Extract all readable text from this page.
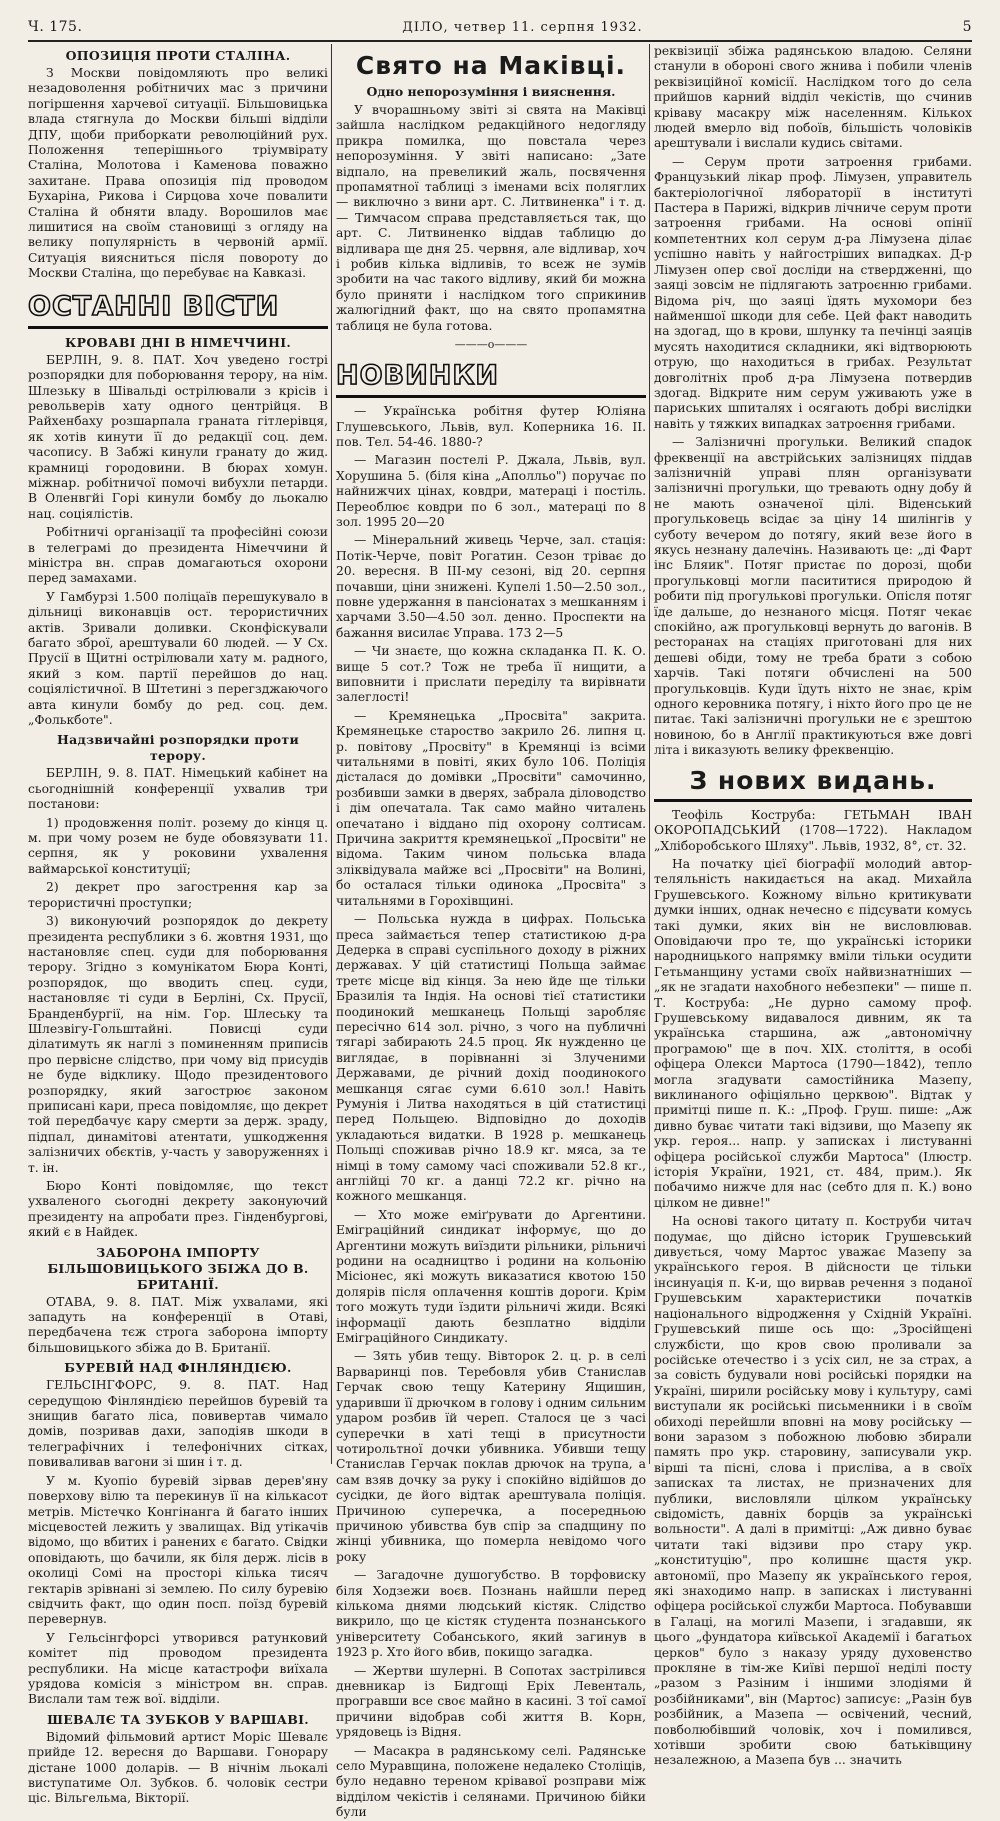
Ч. 175.	ДІЛО, четвер 11. серпня 1932.	5
ОПОЗИЦІЯ ПРОТИ СТАЛІНА.

З Москви повідомляють про великі незадоволення робітничих мас з причини погіршення харчевої ситуації. Більшовицька влада стягнула до Москви більші відділи ДПУ, щоби приборкати революційний рух. Положення теперішнього тріумвірату Сталіна, Молотова і Каменова поважно захитане. Права опозиція під проводом Бухаріна, Рикова і Сирцова хоче повалити Сталіна й обняти владу. Ворошилов має лишитися на своїм становищі з огляду на велику популярність в червоній армії. Ситуація виясниться після повороту до Москви Сталіна, що перебуває на Кавказі.

ОСТАННІ ВІСТИ
КРОВАВІ ДНІ В НІМЕЧЧИНІ.

БЕРЛІН, 9. 8. ПАТ. Хоч уведено гострі розпорядки для поборювання терору, на нім. Шлезьку в Шівальді острілювали з крісів і револьверів хату одного центрійця. В Райхенбаху розшарпала граната гітлерівця, як хотів кинути її до редакції соц. дем. часопису. В Забжі кинули гранату до жид. крамниці городовини. В бюрах хомун. міжнар. робітничої помочі вибухли петарди. В Оленвгйі Горі кинули бомбу до льокалю нац. соціялістів.

Робітничі організації та професійні союзи в телеграмі до президента Німеччини й міністра вн. справ домагаються охорони перед замахами.

У Гамбурзі 1.500 поліцаїв перешукувало в дільниці виконавців ост. терористичних актів. Зривали доливки. Сконфіскували багато зброї, арештували 60 людей. — У Сх. Прусії в Щитні острілювали хату м. радного, який з ком. партії перейшов до нац. соціялістичної. В Штетині з перегзджаючого авта кинули бомбу до ред. соц. дем. „Фолькботе".

Надзвичайні розпорядки проти терору.

БЕРЛІН, 9. 8. ПАТ. Німецький кабінет на сьогоднішній конференції ухвалив три постанови:

1) продовження політ. розему до кінця ц. м. при чому розем не буде обовязувати 11. серпня, як у роковини ухвалення ваймарської конституції;

2) декрет про загострення кар за терористичні проступки;

3) виконуючий розпорядок до декрету президента республики з 6. жовтня 1931, що настановляє спец. суди для поборювання терору. Згідно з комунікатом Бюра Конті, розпорядок, що вводить спец. суди, настановляє ті суди в Берліні, Сх. Прусії, Бранденбургії, на нім. Гор. Шлеську та Шлезвігу-Гольштайні. Повисці суди ділатимуть як наглі з поминенням приписів про первісне слідство, при чому від присудів не буде відклику. Щодо президентового розпорядку, який загострює законом приписані кари, преса повідомляє, що декрет той передбачує кару смерти за держ. зраду, підпал, динамітові атентати, ушкодження залізничих обєктів, у-часть у заворуженнях і т. ін.

Бюро Конті повідомляє, що текст ухваленого сьогодні декрету законуючий президенту на апробати през. Гінденбургові, який є в Найдек.

ЗАБОРОНА ІМПОРТУ БІЛЬШОВИЦЬКОГО ЗБІЖА ДО В. БРИТАНІЇ.

ОТАВА, 9. 8. ПАТ. Між ухвалами, які западуть на конференції в Отаві, передбачена тєж строга заборона імпорту більшовицького збіжа до В. Британії.

БУРЕВІЙ НАД ФІНЛЯНДІЄЮ.

ГЕЛЬСІНГФОРС, 9. 8. ПАТ. Над середущою Фінляндією перейшов буревій та знищив багато ліса, повивертав чимало домів, позривав дахи, заподіяв шкоди в телеграфічних і телефонічних сітках, повиваливав вагони зі шин і т. д.

У м. Куопіо буревій зірвав дерев'яну поверхову вілю та перекинув її на кількасот метрів. Містечко Конгінанга й багато інших місцевостей лежить у звалищах. Від утікачів відомо, що вбитих і ранених є багато. Свідки оповідають, що бачили, як біля держ. лісів в околиці Сомі на просторі кілька тисяч гектарів зрівнані зі землею. По силу буревію свідчить факт, що один посп. поїзд буревій перевернув.

У Гельсінгфорсі утворився ратунковий комітет під проводом президента республики. На місце катастрофи виїхала урядова комісія з міністром вн. справ. Вислали там теж вої. відділи.

ШЕВАЛЄ ТА ЗУБКОВ У ВАРШАВІ.

Відомий фільмовий артист Моріс Шевалє прийде 12. вересня до Варшави. Гонорару дістане 1000 доларів. — В нічнім льокалі виступатиме Ол. Зубков. б. чоловік сестри ціс. Вільгельма, Вікторії.

Свято на Маківці.
Одно непорозуміння і вияснення.

У вчорашньому звіті зі свята на Маківці зайшла наслідком редакційного недогляду прикра помилка, що повстала через непорозуміння. У звіті написано: „Зате відпало, на превеликий жаль, посвячення пропамятної таблиці з іменами всіх поляглих — виключно з вини арт. С. Литвиненка" і т. д. — Тимчасом справа представляється так, що арт. С. Литвиненко віддав таблицю до відливара ще дня 25. червня, але відливар, хоч і робив кілька відливів, то всеж не зумів зробити на час такого відливу, який би можна було приняти і наслідком того сприкинив жалюгідний факт, що на свято пропамятна таблиця не була готова.

———o———
НОВИНКИ

— Українська робітня футер Юліяна Глушевського, Львів, вул. Коперника 16. II. пов. Тел. 54-46. 1880-?

— Магазин постелі Р. Джала, Львів, вул. Хорушина 5. (біля кіна „Аполльо") поручає по найнижчих цінах, ковдри, матераці і постіль. Переоблює ковдри по 6 зол., матераці по 8 зол. 1995 20—20

— Мінеральний живець Черче, зал. стація: Потік-Черче, повіт Рогатин. Сезон тріває до 20. вересня. В III-му сезоні, від 20. серпня почавши, ціни знижені. Купелі 1.50—2.50 зол., повне удержання в пансіонатах з мешканням і харчами 3.50—4.50 зол. денно. Проспекти на бажання висилає Управа. 173 2—5

— Чи знаєте, що кожна складанка П. К. О. вище 5 сот.? Тож не треба її нищити, а виповнити і прислати переділу та вирівнати залеглості!

— Кремянецька „Просвіта" закрита. Кремянецьке староство закрило 26. липня ц. р. повітову „Просвіту" в Кремянці із всіми читальнями в повіті, яких було 106. Поліція дісталася до домівки „Просвіти" самочинно, розбивши замки в дверях, забрала діловодство і дім опечатала. Так само майно читалень опечатано і віддано під охорону солтисам. Причина закриття кремянецької „Просвіти" не відома. Таким чином польська влада зліквідувала майже всі „Просвіти" на Волині, бо осталася тільки одинока „Просвіта" з читальнями в Горохівщині.

— Польська нужда в цифрах. Польська преса займається тепер статистикою д-ра Дедерка в справі суспільного доходу в ріжних державах. У цій статистиці Польща займає третє місце від кінця. За нею йде ще тільки Бразилія та Індія. На основі тієї статистики поодинокий мешканець Польщі заробляє пересічно 614 зол. річно, з чого на публичні тягарі забирають 24.5 проц. Як нужденно це виглядає, в порівнанні зі Злученими Державами, де річний дохід поодинокого мешканця сягає суми 6.610 зол.! Навіть Румунія і Литва находяться в цій статистиці перед Польщею. Відповідно до доходів укладаються видатки. В 1928 р. мешканець Польщі споживав річно 18.9 кг. мяса, за те німці в тому самому часі споживали 52.8 кг., англійці 70 кг. а данці 72.2 кг. річно на кожного мешканця.

— Хто може еміґрувати до Аргентини. Еміграційний синдикат інформує, що до Аргентини можуть виїздити рільники, рільничі родини на осадництво і родини на кольонію Місіонес, які можуть виказатися квотою 150 долярів після оплачення коштів дороги. Крім того можуть туди їздити рільничі жиди. Всякі інформації дають безплатно відділи Еміграційного Синдикату.

— Зять убив тещу. Вівторок 2. ц. р. в селі Варваринці пов. Теребовля убив Станислав Герчак свою тещу Катерину Ящишин, ударивши її дрючком в голову і одним сильним ударом розбив їй череп. Сталося це з часі суперечки в хаті тещі в присутности чотирольтної дочки убивника. Убивши тещу Станислав Герчак поклав дрючок на трупа, а сам взяв дочку за руку і спокійно відійшов до сусідки, де його відтак арештувала поліція. Причиною суперечка, а посередньою причиною убивства був спір за спадщину по жінці убивника, що померла невідомо чого року

— Загадочне душогубство. В торфовиску біля Ходзежи воєв. Познань найшли перед кількома днями людський кістяк. Слідство викрило, що це кістяк студента познанського університету Собанського, який загинув в 1923 р. Хто його вбив, покищо загадка.

— Жертви шулерні. В Сопотах застрілився дневникар із Бидгощі Еріх Левенталь, програвши все своє майно в касині. З тої самої причини відобрав собі життя В. Корн, урядовець із Відня.

— Масакра в радянському селі. Радянське село Муравщина, положене недалеко Століців, було недавно тереном крівавої розправи між відділом чекістів і селянами. Причиною бійки були

реквізиції збіжа радянською владою. Селяни станули в обороні свого жнива і побили членів реквізиційної комісії. Наслідком того до села прийшов карний відділ чекістів, що счинив кріваву масакру між населенням. Кількох людей вмерло від побоїв, більшість чоловіків арештували і вислали кудись світами.

— Серум проти затроення грибами. Французький лікар проф. Лімузен, управитель бактеріологічної лябораторії в інституті Пастера в Парижі, відкрив лічниче серум проти затроення грибами. На основі опінії компетентних кол серум д-ра Лімузена ділає успішно навіть у найгостріших випадках. Д-р Лімузен опер свої досліди на ствердженні, що заяці зовсім не підлягають затроєнню грибами. Відома річ, що заяці їдять мухомори без найменшої шкоди для себе. Цей факт наводить на здогад, що в крови, шлунку та печінці заяців мусять находитися складники, які відтворюють отрую, що находиться в грибах. Результат довголітніх проб д-ра Лімузена потвердив здогад. Відкрите ним серум уживають уже в париських шпиталях і осягають добрі вислідки навіть у тяжких випадках затроєння грибами.

— Залізничні прогульки. Великий спадок фреквенції на австрійських залізницях піддав залізничній управі плян організувати залізничні прогульки, що тревають одну добу й не мають означеної цілі. Віденський прогульковець всідає за ціну 14 шилінгів у суботу вечером до потягу, який везе його в якусь незнану далечінь. Називають це: „ді Фарт інс Бляик". Потяг пристає по дорозі, щоби прогульковці могли пасититися природою й робити під прогулькові прогульки. Опісля потяг їде дальше, до незнаного місця. Потяг чекає спокійно, аж прогульковці вернуть до вагонів. В ресторанах на стаціях приготовані для них дешеві обіди, тому не треба брати з собою харчів. Такі потяги обчислені на 500 прогульковців. Куди їдуть ніхто не знає, крім одного керовника потягу, і ніхто його про це не питає. Такі залізничні прогульки не є зрештою новиною, бо в Англії практикуються вже довгі літа і виказують велику фреквенцію.

З нових видань.

Теофіль Коструба: ГЕТЬМАН ІВАН ОКОРОПАДСЬКИЙ (1708—1722). Накладом „Хліборобського Шляху". Львів, 1932, 8°, ст. 32.

На початку цієї біографії молодий автор-теляльність накидається на акад. Михайла Грушевського. Кожному вільно критикувати думки інших, однак нечесно є підсувати комусь такі думки, яких він не висловлював. Оповідаючи про те, що українські історики народницького напрямку вміли тільки осудити Гетьманщину устами своїх найвизнатніших — „як не згадати нахобного небезпеки" — пише п. Т. Коструба: „Не дурно самому проф. Грушевському видавалося дивним, як та українська старшина, аж „автономічну програмою" ще в поч. XIX. століття, в особі офіцера Олекси Мартоса (1790—1842), тепло могла згадувати самостійника Мазепу, виклинаного офіціяльно церквою". Відтак у примітці пише п. К.: „Проф. Груш. пише: „Аж дивно буває читати такі відзиви, що Мазепу як укр. героя... напр. у записках і листуванні офіцера російської служби Мартоса" (Ілюстр. історія України, 1921, ст. 484, прим.). Як побачимо нижче для нас (себто для п. К.) воно цілком не дивне!"

На основі такого цитату п. Коструби читач подумає, що дійсно історик Грушевський дивується, чому Мартос уважає Мазепу за українського героя. В дійсности це тільки інсинуація п. К-и, що вирвав речення з поданої Грушевським характеристики початків національного відродження у Східній Україні. Грушевський пише ось що: „Зросійщені службісти, що кров свою проливали за російське отечество і з усіх сил, не за страх, а за совість будували нові російські порядки на Україні, ширили російську мову і культуру, самі виступали як російські письменники і в своїм обиході перейшли вповні на мову російську — вони заразом з побожною любовю збирали память про укр. старовину, записували укр. вірші та пісні, слова і присліва, а в своїх записках та листах, не призначених для публики, висловляли цілком українську свідомість, давніх борців за українські вольности". А далі в примітці: „Аж дивно буває читати такі відзиви про стару укр. „конституцію", про колишнє щастя укр. автономії, про Мазепу як українського героя, які знаходимо напр. в записках і листуванні офіцера російської служби Мартоса. Побувавши в Галаці, на могилі Мазепи, і згадавши, як цього „фундатора київської Академії і багатьох церков" було з наказу уряду духовенство прокляне в тім-же Київі першої неділі посту „разом з Разіним і іншими злодіями й розбійниками", він (Мартос) записує: „Разін був розбійник, а Мазепа — освічений, чесний, повболюбівший чоловік, хоч і помилився, хотівши зробити свою батьківщину незалежною, а Мазепа був ... значить
